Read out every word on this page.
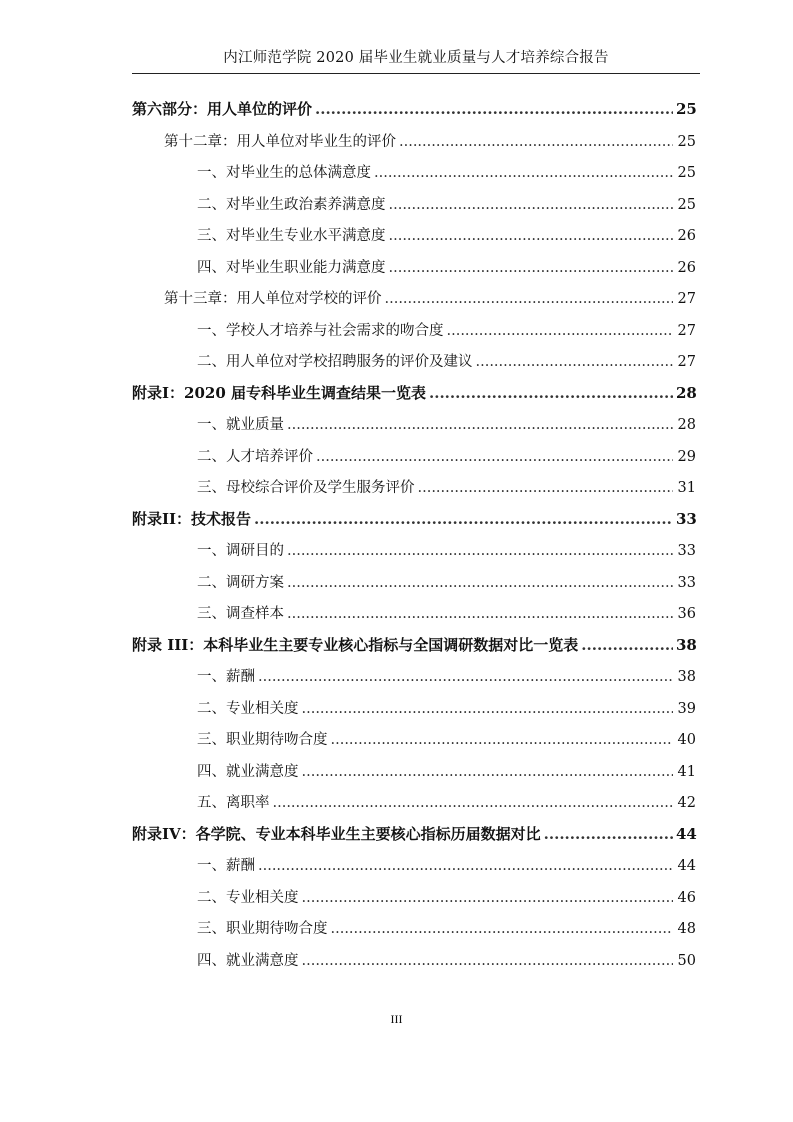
内江师范学院 2020 届毕业生就业质量与人才培养综合报告
第六部分：用人单位的评价 .....	25
第十二章：用人单位对毕业生的评价 .....	25
一、对毕业生的总体满意度 .....	25
二、对毕业生政治素养满意度 .....	25
三、对毕业生专业水平满意度 .....	26
四、对毕业生职业能力满意度 .....	26
第十三章：用人单位对学校的评价 .....	27
一、学校人才培养与社会需求的吻合度 .....	27
二、用人单位对学校招聘服务的评价及建议 .....	27
附录I：2020 届专科毕业生调查结果一览表 .....	28
一、就业质量 .....	28
二、人才培养评价 .....	29
三、母校综合评价及学生服务评价 .....	31
附录II：技术报告 .....	33
一、调研目的 .....	33
二、调研方案 .....	33
三、调查样本 .....	36
附录 III：本科毕业生主要专业核心指标与全国调研数据对比一览表 .....	38
一、薪酬 .....	38
二、专业相关度 .....	39
三、职业期待吻合度 .....	40
四、就业满意度 .....	41
五、离职率 .....	42
附录IV：各学院、专业本科毕业生主要核心指标历届数据对比 .....	44
一、薪酬 .....	44
二、专业相关度 .....	46
三、职业期待吻合度 .....	48
四、就业满意度 .....	50
III
